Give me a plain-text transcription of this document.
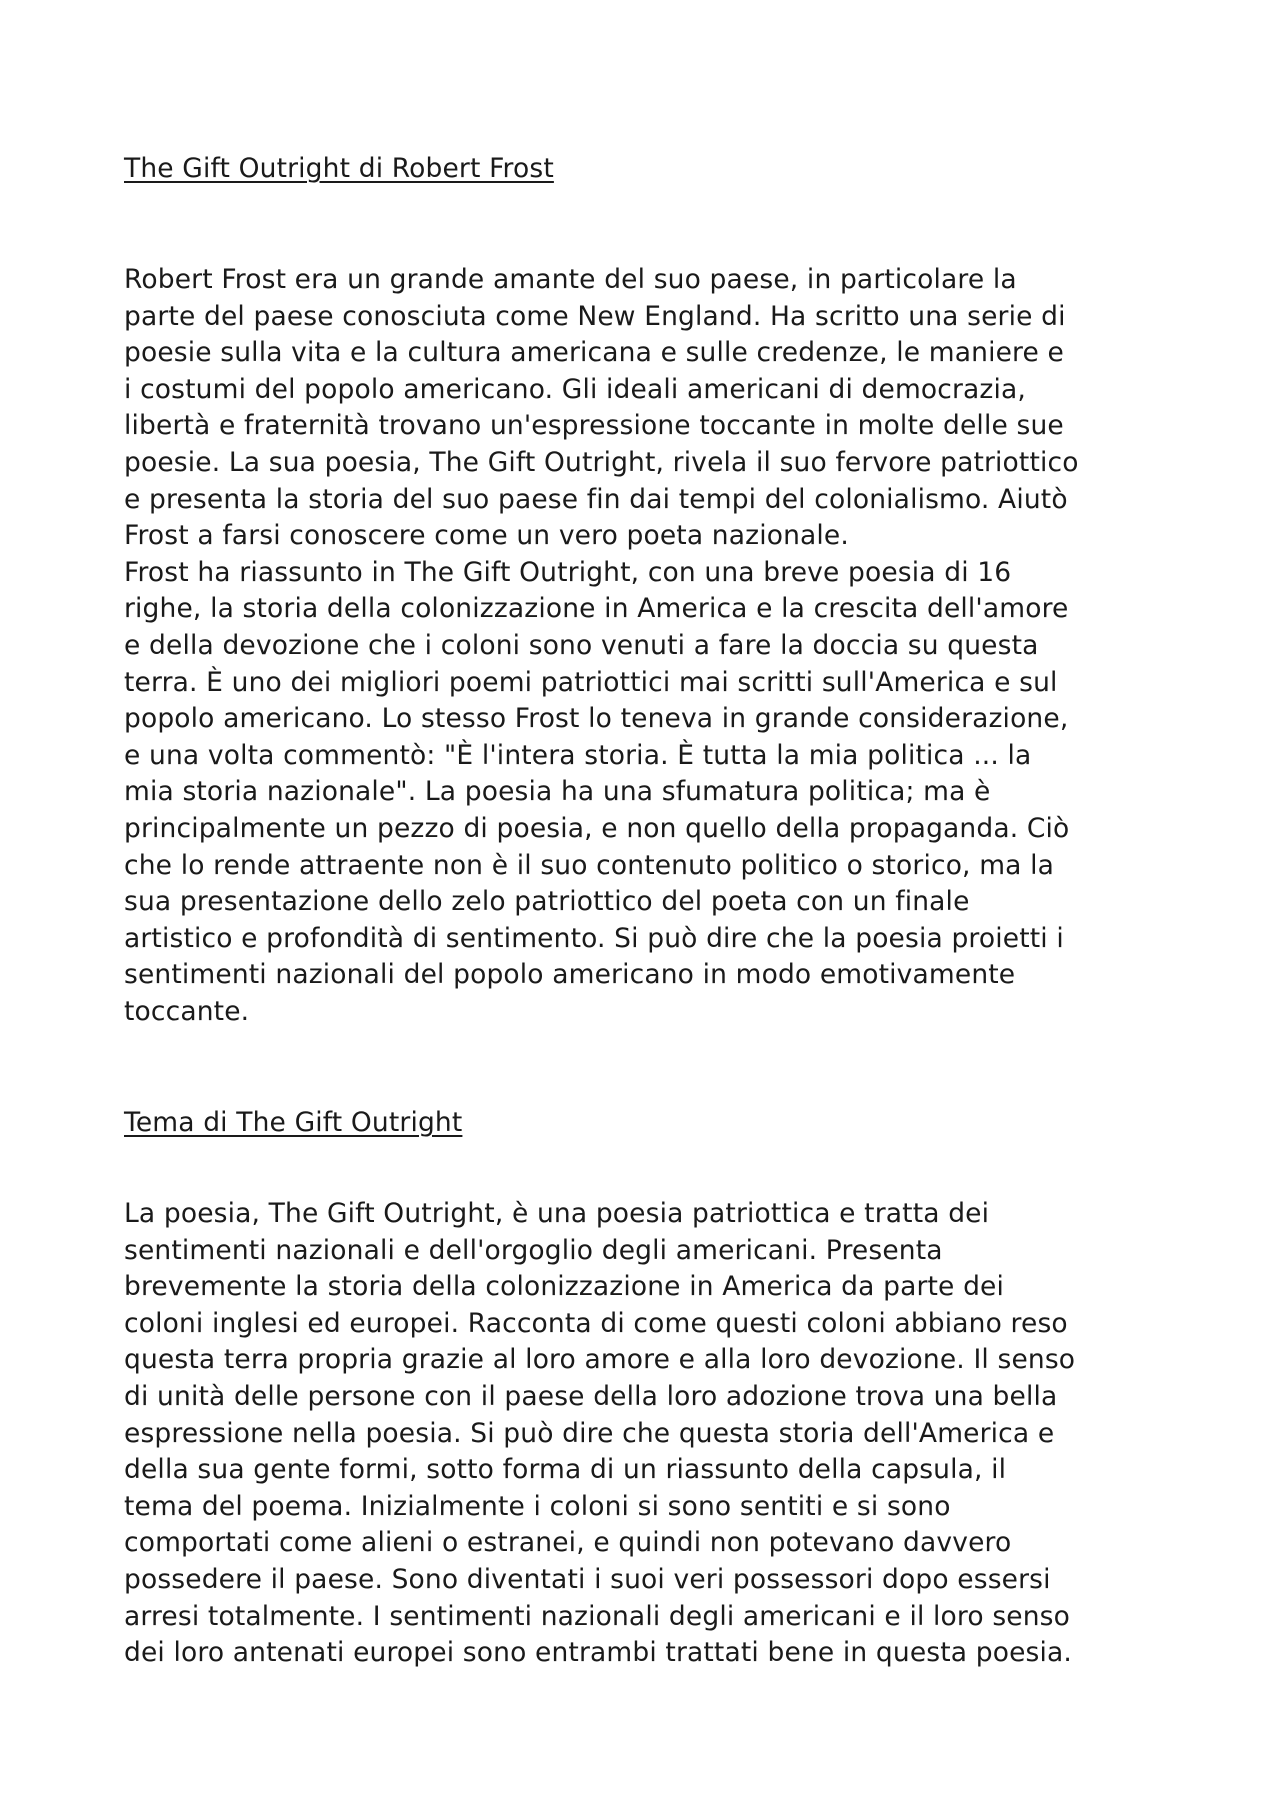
The Gift Outright di Robert Frost
Robert Frost era un grande amante del suo paese, in particolare la
parte del paese conosciuta come New England. Ha scritto una serie di
poesie sulla vita e la cultura americana e sulle credenze, le maniere e
i costumi del popolo americano. Gli ideali americani di democrazia,
libertà e fraternità trovano un'espressione toccante in molte delle sue
poesie. La sua poesia, The Gift Outright, rivela il suo fervore patriottico
e presenta la storia del suo paese fin dai tempi del colonialismo. Aiutò
Frost a farsi conoscere come un vero poeta nazionale.
Frost ha riassunto in The Gift Outright, con una breve poesia di 16
righe, la storia della colonizzazione in America e la crescita dell'amore
e della devozione che i coloni sono venuti a fare la doccia su questa
terra. È uno dei migliori poemi patriottici mai scritti sull'America e sul
popolo americano. Lo stesso Frost lo teneva in grande considerazione,
e una volta commentò: "È l'intera storia. È tutta la mia politica ... la
mia storia nazionale". La poesia ha una sfumatura politica; ma è
principalmente un pezzo di poesia, e non quello della propaganda. Ciò
che lo rende attraente non è il suo contenuto politico o storico, ma la
sua presentazione dello zelo patriottico del poeta con un finale
artistico e profondità di sentimento. Si può dire che la poesia proietti i
sentimenti nazionali del popolo americano in modo emotivamente
toccante.
Tema di The Gift Outright
La poesia, The Gift Outright, è una poesia patriottica e tratta dei
sentimenti nazionali e dell'orgoglio degli americani. Presenta
brevemente la storia della colonizzazione in America da parte dei
coloni inglesi ed europei. Racconta di come questi coloni abbiano reso
questa terra propria grazie al loro amore e alla loro devozione. Il senso
di unità delle persone con il paese della loro adozione trova una bella
espressione nella poesia. Si può dire che questa storia dell'America e
della sua gente formi, sotto forma di un riassunto della capsula, il
tema del poema. Inizialmente i coloni si sono sentiti e si sono
comportati come alieni o estranei, e quindi non potevano davvero
possedere il paese. Sono diventati i suoi veri possessori dopo essersi
arresi totalmente. I sentimenti nazionali degli americani e il loro senso
dei loro antenati europei sono entrambi trattati bene in questa poesia.
